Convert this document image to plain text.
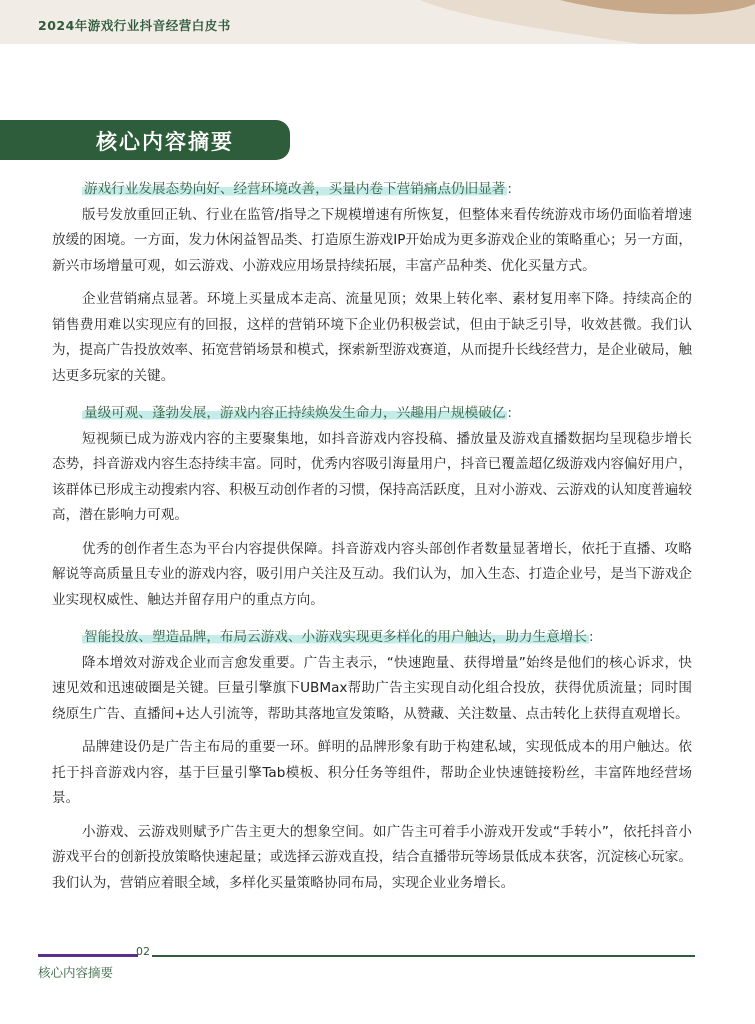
2024年游戏行业抖音经营白皮书
核心内容摘要

游戏行业发展态势向好、经营环境改善，买量内卷下营销痛点仍旧显著 :

版号发放重回正轨、行业在监管/指导之下规模增速有所恢复，但整体来看传统游戏市场仍面临着增速放缓的困境。一方面，发力休闲益智品类、打造原生游戏IP开始成为更多游戏企业的策略重心；另一方面，新兴市场增量可观，如云游戏、小游戏应用场景持续拓展，丰富产品种类、优化买量方式。

企业营销痛点显著。环境上买量成本走高、流量见顶；效果上转化率、素材复用率下降。持续高企的销售费用难以实现应有的回报，这样的营销环境下企业仍积极尝试，但由于缺乏引导，收效甚微。我们认为，提高广告投放效率、拓宽营销场景和模式，探索新型游戏赛道，从而提升长线经营力，是企业破局，触达更多玩家的关键。

量级可观、蓬勃发展，游戏内容正持续焕发生命力，兴趣用户规模破亿 :

短视频已成为游戏内容的主要聚集地，如抖音游戏内容投稿、播放量及游戏直播数据均呈现稳步增长态势，抖音游戏内容生态持续丰富。同时，优秀内容吸引海量用户，抖音已覆盖超亿级游戏内容偏好用户，该群体已形成主动搜索内容、积极互动创作者的习惯，保持高活跃度，且对小游戏、云游戏的认知度普遍较高，潜在影响力可观。

优秀的创作者生态为平台内容提供保障。抖音游戏内容头部创作者数量显著增长，依托于直播、攻略解说等高质量且专业的游戏内容，吸引用户关注及互动。我们认为，加入生态、打造企业号，是当下游戏企业实现权威性、触达并留存用户的重点方向。

智能投放、塑造品牌，布局云游戏、小游戏实现更多样化的用户触达，助力生意增长 :

降本增效对游戏企业而言愈发重要。广告主表示，“快速跑量、获得增量”始终是他们的核心诉求，快速见效和迅速破圈是关键。巨量引擎旗下UBMax帮助广告主实现自动化组合投放，获得优质流量；同时围绕原生广告、直播间+达人引流等，帮助其落地宣发策略，从赞藏、关注数量、点击转化上获得直观增长。

品牌建设仍是广告主布局的重要一环。鲜明的品牌形象有助于构建私域，实现低成本的用户触达。依托于抖音游戏内容，基于巨量引擎Tab模板、积分任务等组件，帮助企业快速链接粉丝，丰富阵地经营场景。

小游戏、云游戏则赋予广告主更大的想象空间。如广告主可着手小游戏开发或“手转小”，依托抖音小游戏平台的创新投放策略快速起量；或选择云游戏直投，结合直播带玩等场景低成本获客，沉淀核心玩家。我们认为，营销应着眼全域，多样化买量策略协同布局，实现企业业务增长。

02
核心内容摘要
